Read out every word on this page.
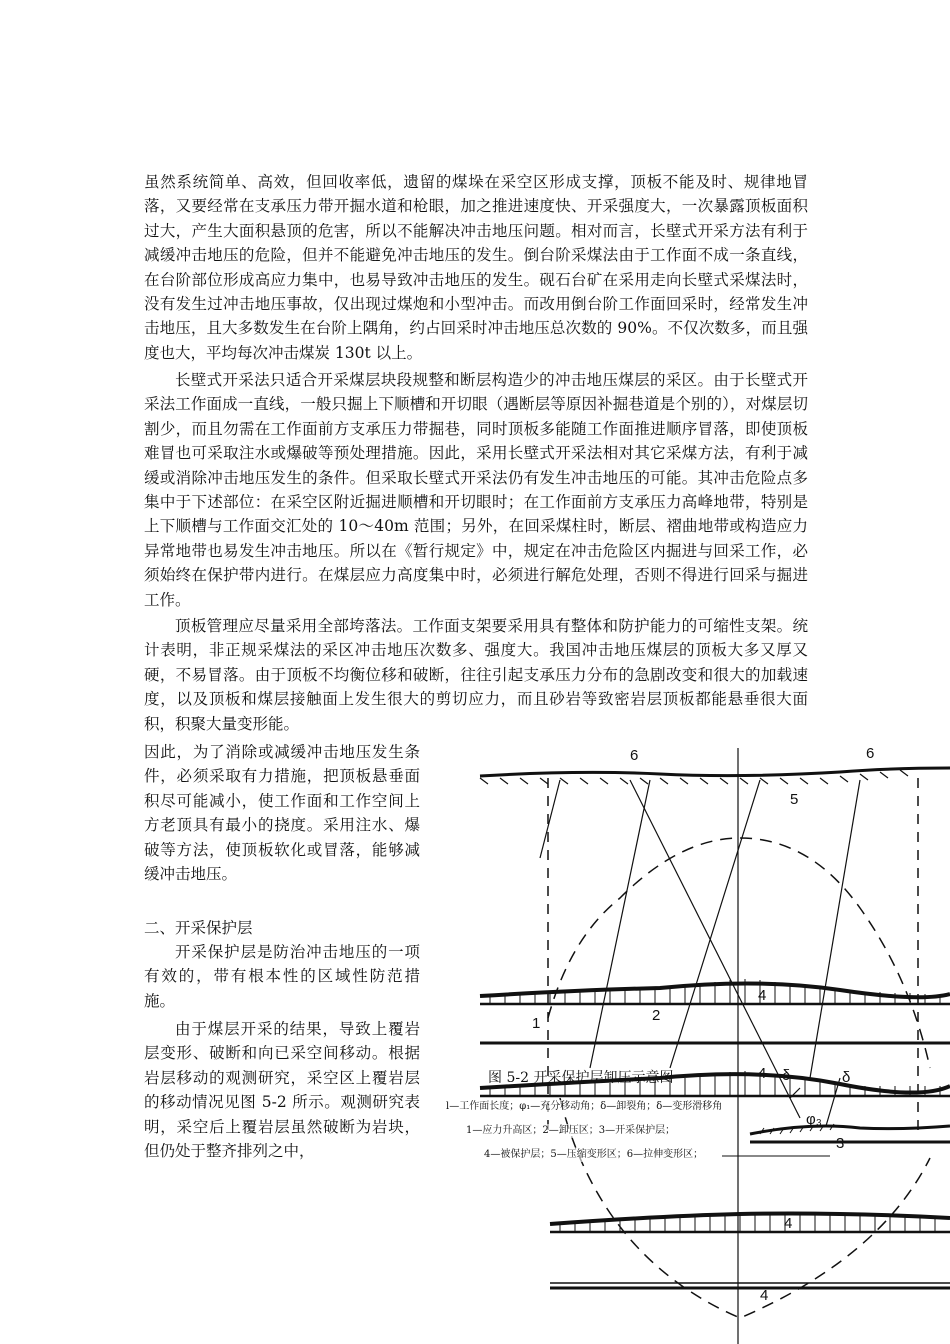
虽然系统简单、高效，但回收率低，遗留的煤垛在采空区形成支撑，顶板不能及时、规律地冒落，又要经常在支承压力带开掘水道和枪眼，加之推进速度快、开采强度大，一次暴露顶板面积过大，产生大面积悬顶的危害，所以不能解决冲击地压问题。相对而言，长壁式开采方法有利于减缓冲击地压的危险，但并不能避免冲击地压的发生。倒台阶采煤法由于工作面不成一条直线，在台阶部位形成高应力集中，也易导致冲击地压的发生。砚石台矿在采用走向长壁式采煤法时，没有发生过冲击地压事故，仅出现过煤炮和小型冲击。而改用倒台阶工作面回采时，经常发生冲击地压，且大多数发生在台阶上隅角，约占回采时冲击地压总次数的 90%。不仅次数多，而且强度也大，平均每次冲击煤炭 130t 以上。

长壁式开采法只适合开采煤层块段规整和断层构造少的冲击地压煤层的采区。由于长壁式开采法工作面成一直线，一般只掘上下顺槽和开切眼（遇断层等原因补掘巷道是个别的），对煤层切割少，而且勿需在工作面前方支承压力带掘巷，同时顶板多能随工作面推进顺序冒落，即使顶板难冒也可采取注水或爆破等预处理措施。因此，采用长壁式开采法相对其它采煤方法，有利于减缓或消除冲击地压发生的条件。但采取长壁式开采法仍有发生冲击地压的可能。其冲击危险点多集中于下述部位：在采空区附近掘进顺槽和开切眼时；在工作面前方支承压力高峰地带，特别是上下顺槽与工作面交汇处的 10～40m 范围；另外，在回采煤柱时，断层、褶曲地带或构造应力异常地带也易发生冲击地压。所以在《暂行规定》中，规定在冲击危险区内掘进与回采工作，必须始终在保护带内进行。在煤层应力高度集中时，必须进行解危处理，否则不得进行回采与掘进工作。

顶板管理应尽量采用全部垮落法。工作面支架要采用具有整体和防护能力的可缩性支架。统计表明，非正规采煤法的采区冲击地压次数多、强度大。我国冲击地压煤层的顶板大多又厚又硬，不易冒落。由于顶板不均衡位移和破断，往往引起支承压力分布的急剧改变和很大的加载速度，以及顶板和煤层接触面上发生很大的剪切应力，而且砂岩等致密岩层顶板都能悬垂很大面积，积聚大量变形能。

因此，为了消除或减缓冲击地压发生条件，必须采取有力措施，把顶板悬垂面积尽可能减小，使工作面和工作空间上方老顶具有最小的挠度。采用注水、爆破等方法，使顶板软化或冒落，能够减缓冲击地压。

二、开采保护层

开采保护层是防治冲击地压的一项有效的，带有根本性的区域性防范措施。

由于煤层开采的结果，导致上覆岩层变形、破断和向已采空间移动。根据岩层移动的观测研究，采空区上覆岩层的移动情况见图 5-2 所示。观测研究表明，采空后上覆岩层虽然破断为岩块，但仍处于整齐排列之中，

6	6
5
1	2
4
4
3
4
4
δ	δ
φ₃
图 5-2 开采保护层卸压示意图
l—工作面长度；φ₁—充分移动角；δ—卸裂角；δ—变形滑移角
1—应力升高区；2—卸压区；3—开采保护层；
4—被保护层；5—压缩变形区；6—拉伸变形区；
